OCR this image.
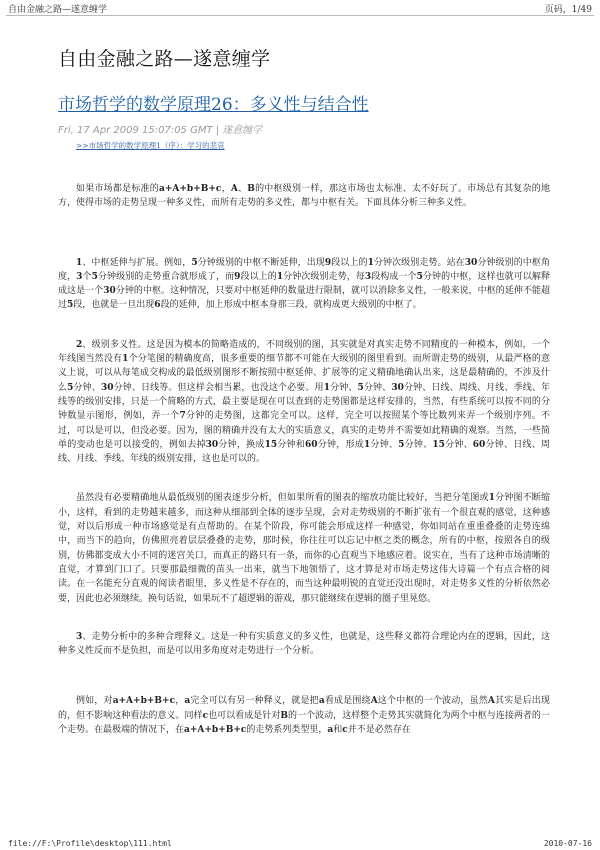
自由金融之路—遂意缠学	页码，1/49
自由金融之路—遂意缠学
市场哲学的数学原理26：多义性与结合性
Fri, 17 Apr 2009 15:07:05 GMT | 遂意缠学
>>市场哲学的数学原理1（序）：学习的悲哀

如果市场都是标准的a+A+b+B+c，A、B的中枢级别一样，那这市场也太标准、太不好玩了。市场总有其复杂的地方，使得市场的走势呈现一种多义性，而所有走势的多义性，都与中枢有关。下面具体分析三种多义性。

1、中枢延伸与扩展。例如，5分钟级别的中枢不断延伸，出现9段以上的1分钟次级别走势。站在30分钟级别的中枢角度，3个5分钟级别的走势重合就形成了，而9段以上的1分钟次级别走势，每3段构成一个5分钟的中枢，这样也就可以解释成这是一个30分钟的中枢。这种情况，只要对中枢延伸的数量进行限制，就可以消除多义性，一般来说，中枢的延伸不能超过5段，也就是一旦出现6段的延伸，加上形成中枢本身那三段，就构成更大级别的中枢了。

2、级别多义性。这是因为模本的简略造成的，不同级别的图，其实就是对真实走势不同精度的一种模本，例如，一个年线图当然没有1个分笔图的精确度高，很多重要的细节都不可能在大级别的图里看到。而所谓走势的级别，从最严格的意义上说，可以从每笔成交构成的最低级别图形不断按照中枢延伸、扩展等的定义精确地确认出来，这是最精确的，不涉及什么5分钟、30分钟、日线等。但这样会相当累，也没这个必要。用1分钟、5分钟、30分钟、日线、周线、月线、季线、年线等的级别安排，只是一个简略的方式，最主要是现在可以查到的走势图都是这样安排的，当然，有些系统可以按不同的分钟数显示图形，例如，弄一个7分钟的走势图，这都完全可以。这样，完全可以按照某个等比数列来弄一个级别序列。不过，可以是可以，但没必要。因为，图的精确并没有太大的实质意义，真实的走势并不需要如此精确的观察。当然，一些简单的变动也是可以接受的，例如去掉30分钟，换成15分钟和60分钟，形成1分钟、5分钟、15分钟、60分钟、日线、周线、月线、季线、年线的级别安排，这也是可以的。

虽然没有必要精确地从最低级别的图表逐步分析，但如果所看的图表的缩放功能比较好，当把分笔图或1分钟图不断缩小，这样，看到的走势越来越多，而这种从细部到全体的逐步呈现，会对走势级别的不断扩张有一个很直观的感觉，这种感觉，对以后形成一种市场感觉是有点帮助的。在某个阶段，你可能会形成这样一种感觉，你如同站在重重叠叠的走势连绵中，而当下的趋向，仿佛照亮着层层叠叠的走势，那时候，你往往可以忘记中枢之类的概念，所有的中枢，按照各自的级别，仿佛都变成大小不同的迷宫关口，而真正的路只有一条，而你的心直观当下地感应着。说实在，当有了这种市场清晰的直觉，才算到门口了。只要那最细微的苗头一出来，就当下地领悟了，这才算是对市场走势这伟大诗篇一个有点合格的阅读。在一名能充分直观的阅读者眼里，多义性是不存在的，而当这种最明锐的直觉还没出现时，对走势多义性的分析依然必要，因此也必须继续。换句话说，如果玩不了超逻辑的游戏，那只能继续在逻辑的圈子里晃悠。

3、走势分析中的多种合理释义。这是一种有实质意义的多义性，也就是，这些释义都符合理论内在的逻辑，因此，这种多义性反而不是负担，而是可以用多角度对走势进行一个分析。

例如，对a+A+b+B+c，a完全可以有另一种释义，就是把a看成是围绕A这个中枢的一个波动，虽然A其实是后出现的，但不影响这种看法的意义。同样c也可以看成是针对B的一个波动，这样整个走势其实就简化为两个中枢与连接两者的一个走势。在最极端的情况下，在a+A+b+B+c的走势系列类型里，a和c并不是必然存在

file://F:\Profile\desktop\111.html	2010-07-16
